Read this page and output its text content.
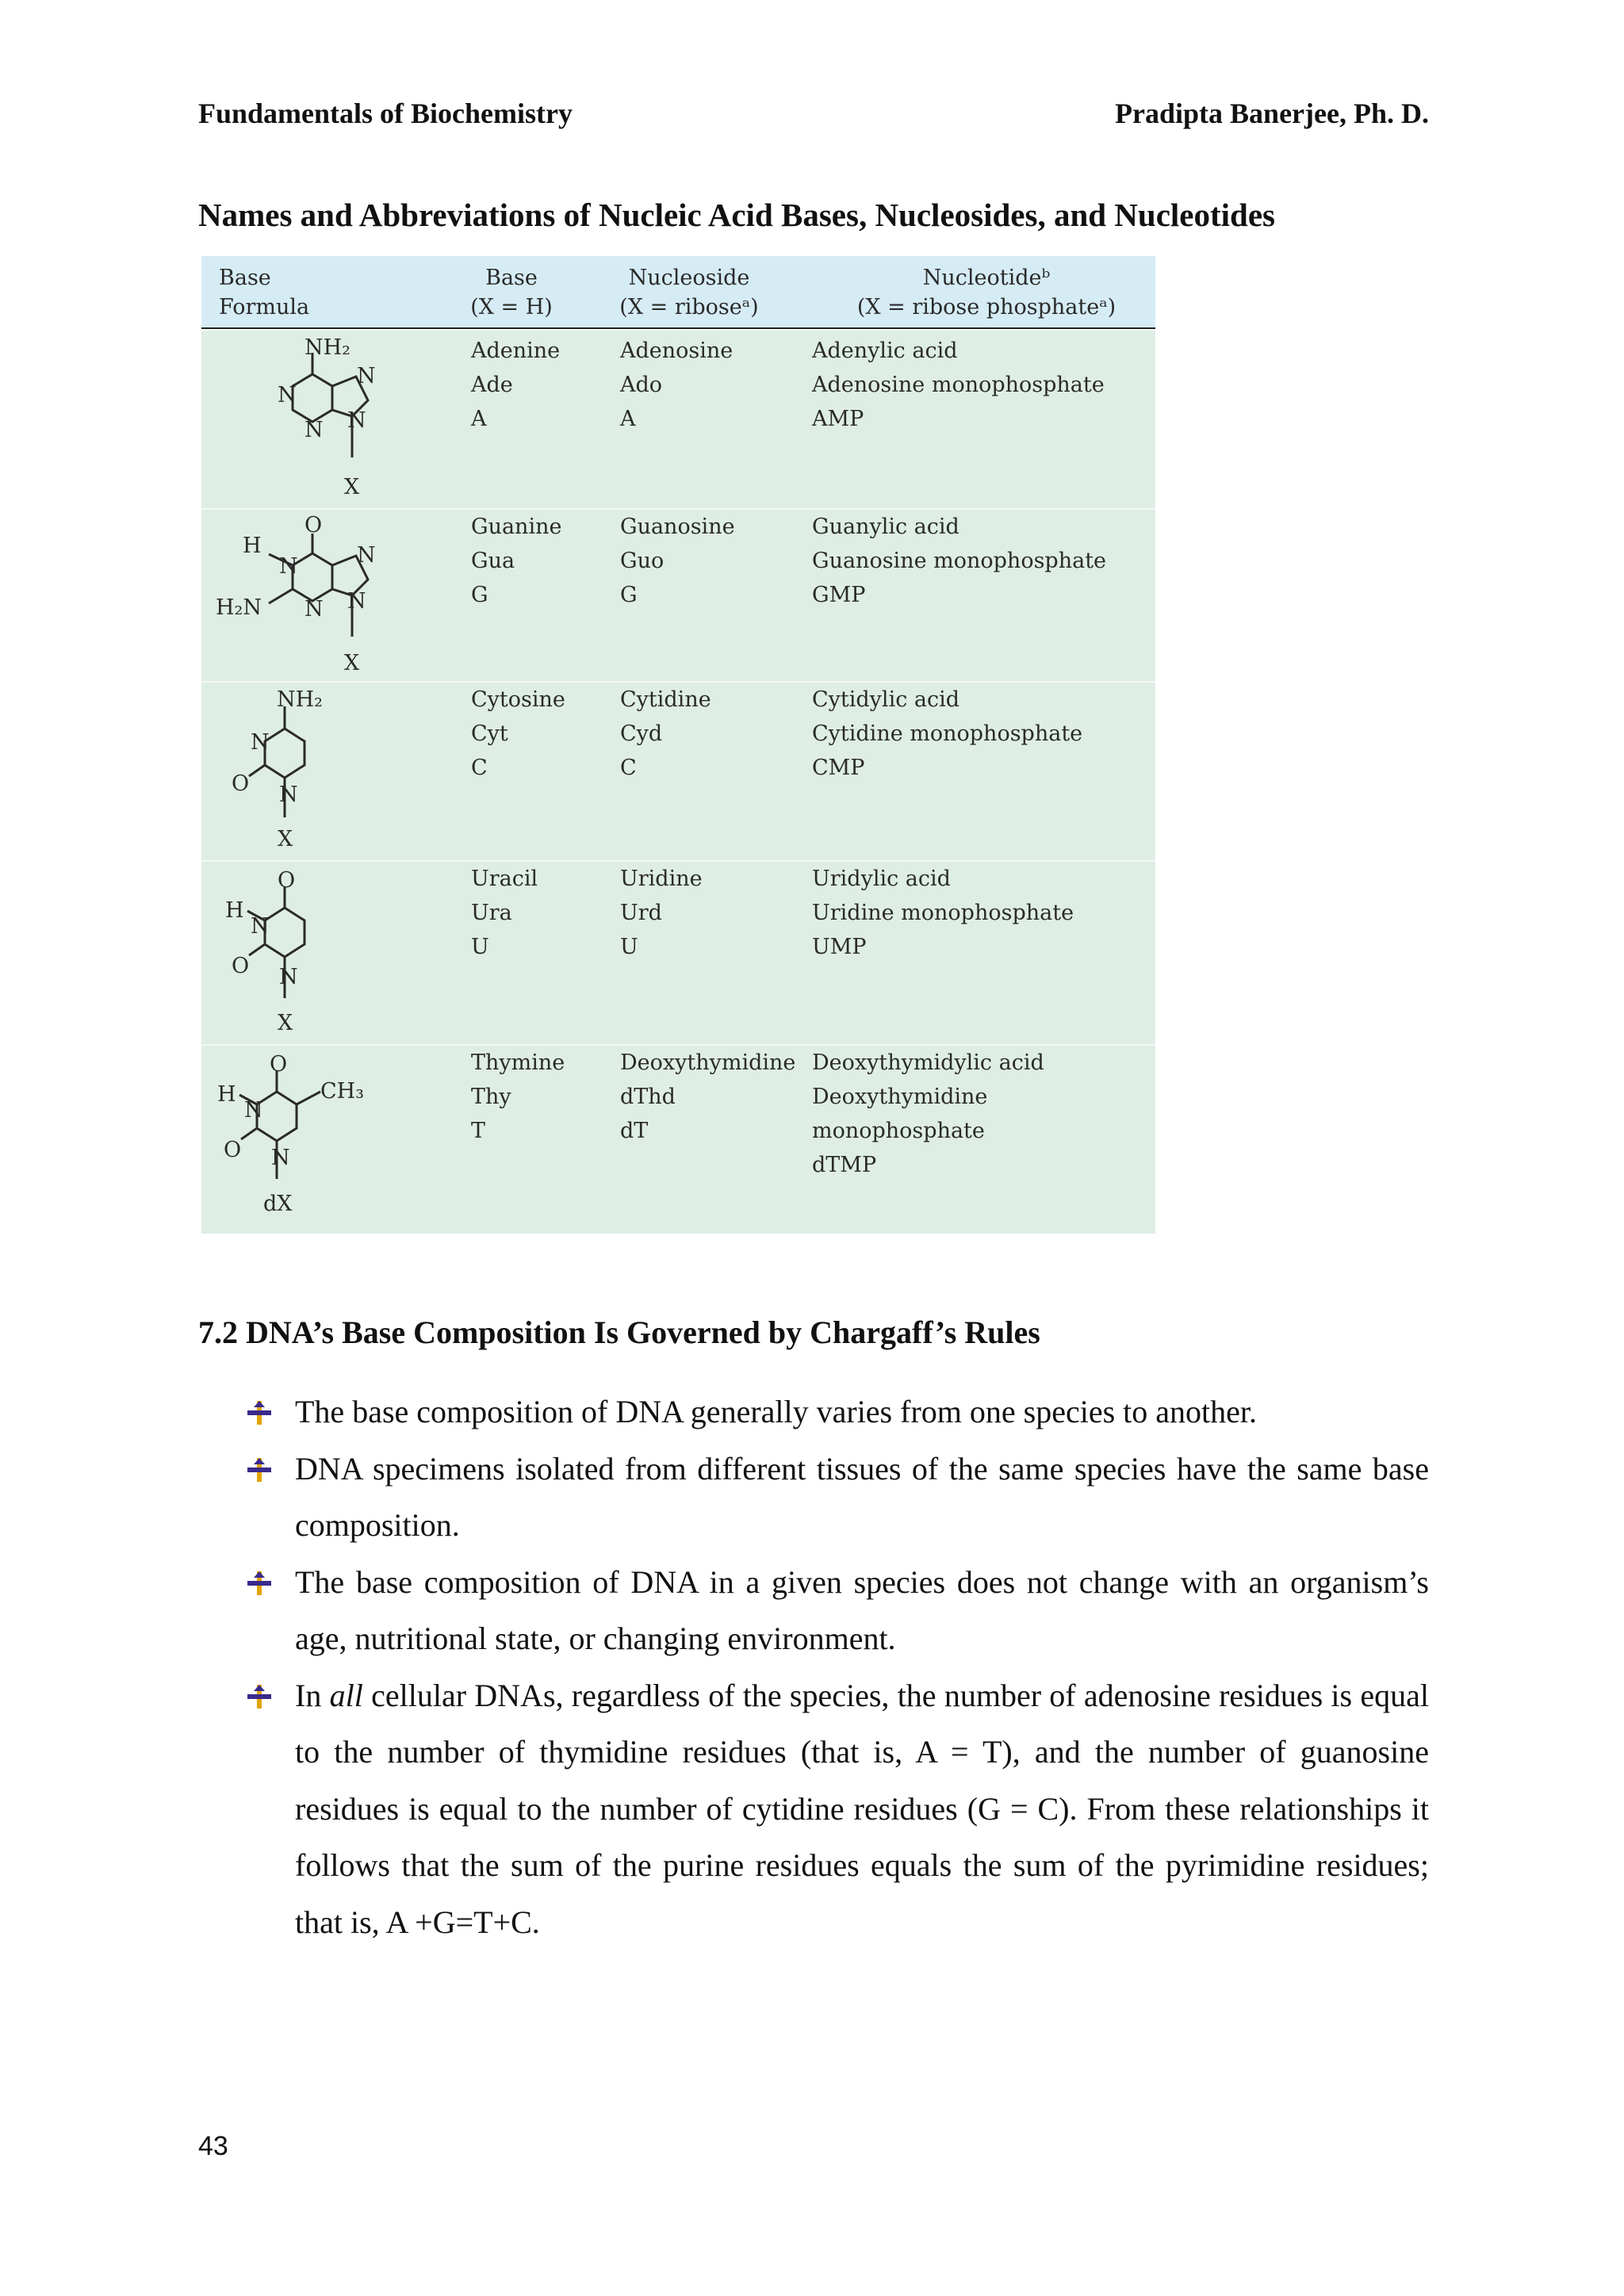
Fundamentals of Biochemistry	Pradipta Banerjee, Ph. D.
Names and Abbreviations of Nucleic Acid Bases, Nucleosides, and Nucleotides
Base
Formula
Base
(X = H)
Nucleoside
(X = riboseᵃ)
Nucleotideᵇ
(X = ribose phosphateᵃ)
NH₂
N
N
N
N
X
Adenine
Ade
A
Adenosine
Ado
A
Adenylic acid
Adenosine monophosphate
AMP
O
H
N
N
N
N
H₂N
X
Guanine
Gua
G
Guanosine
Guo
G
Guanylic acid
Guanosine monophosphate
GMP
NH₂
N
O N
X
Cytosine
Cyt
C
Cytidine
Cyd
C
Cytidylic acid
Cytidine monophosphate
CMP
O
H
N
O N
X
Uracil
Ura
U
Uridine
Urd
U
Uridylic acid
Uridine monophosphate
UMP
O
CH₃
H
N
O N
dX
Thymine
Thy
T
Deoxythymidine
dThd
dT
Deoxythymidylic acid
Deoxythymidine monophosphate
dTMP
7.2 DNA’s Base Composition Is Governed by Chargaff’s Rules
The base composition of DNA generally varies from one species to another.
DNA specimens isolated from different tissues of the same species have the same base composition.
The base composition of DNA in a given species does not change with an organism’s age, nutritional state, or changing environment.
In all cellular DNAs, regardless of the species, the number of adenosine residues is equal to the number of thymidine residues (that is, A = T), and the number of guanosine residues is equal to the number of cytidine residues (G = C). From these relationships it follows that the sum of the purine residues equals the sum of the pyrimidine residues; that is, A +G=T+C.
43
